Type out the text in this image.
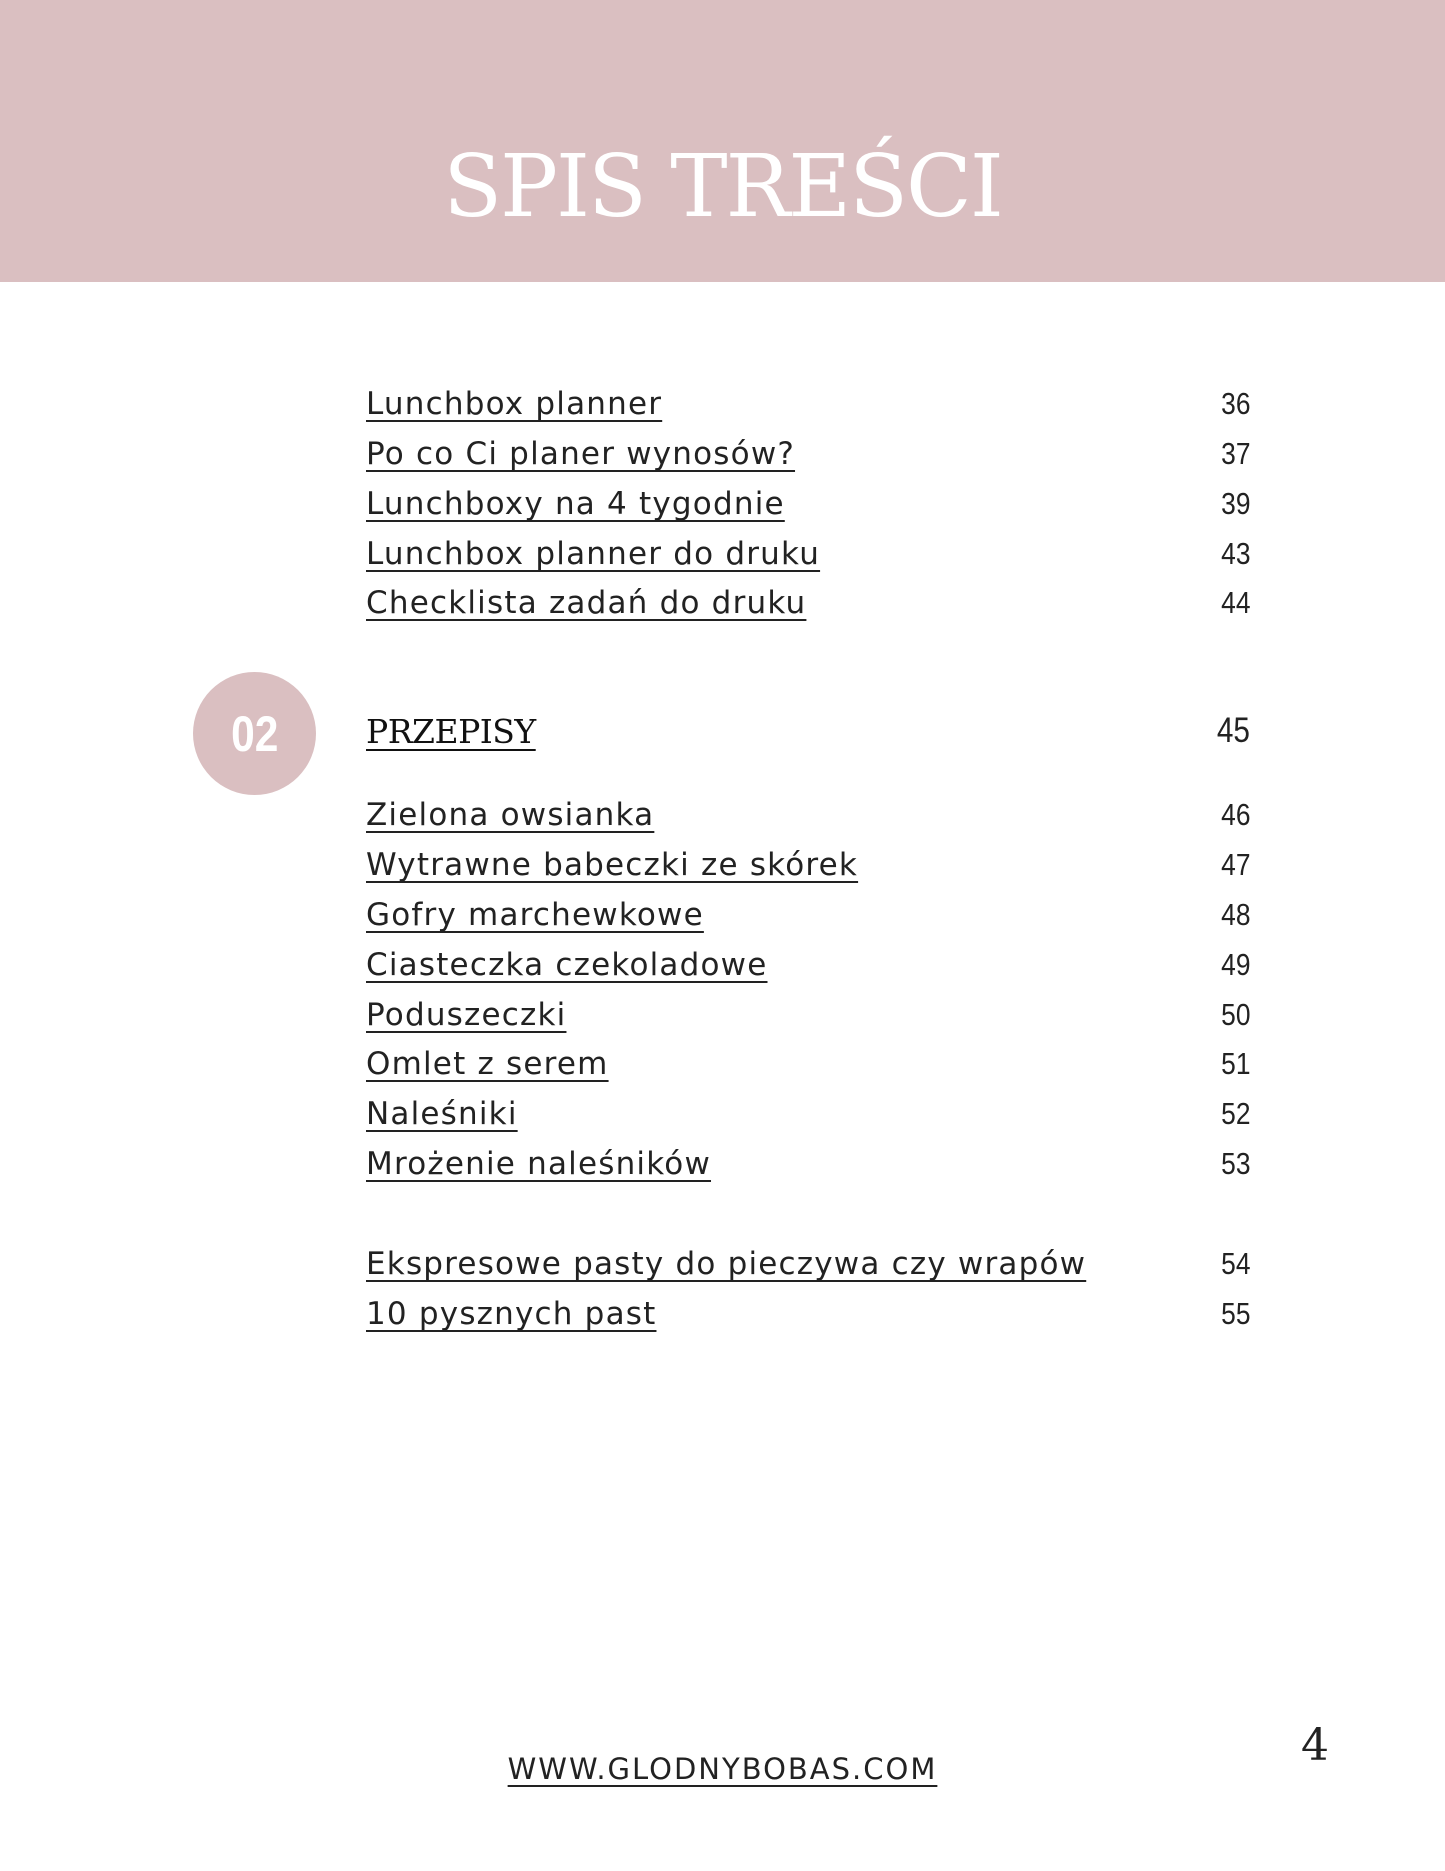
SPIS TREŚCI
Lunchbox planner	36
Po co Ci planer wynosów?	37
Lunchboxy na 4 tygodnie	39
Lunchbox planner do druku	43
Checklista zadań do druku	44
02	PRZEPISY	45
Zielona owsianka	46
Wytrawne babeczki ze skórek	47
Gofry marchewkowe	48
Ciasteczka czekoladowe	49
Poduszeczki	50
Omlet z serem	51
Naleśniki	52
Mrożenie naleśników	53
Ekspresowe pasty do pieczywa czy wrapów	54
10 pysznych past	55
WWW.GLODNYBOBAS.COM	4
